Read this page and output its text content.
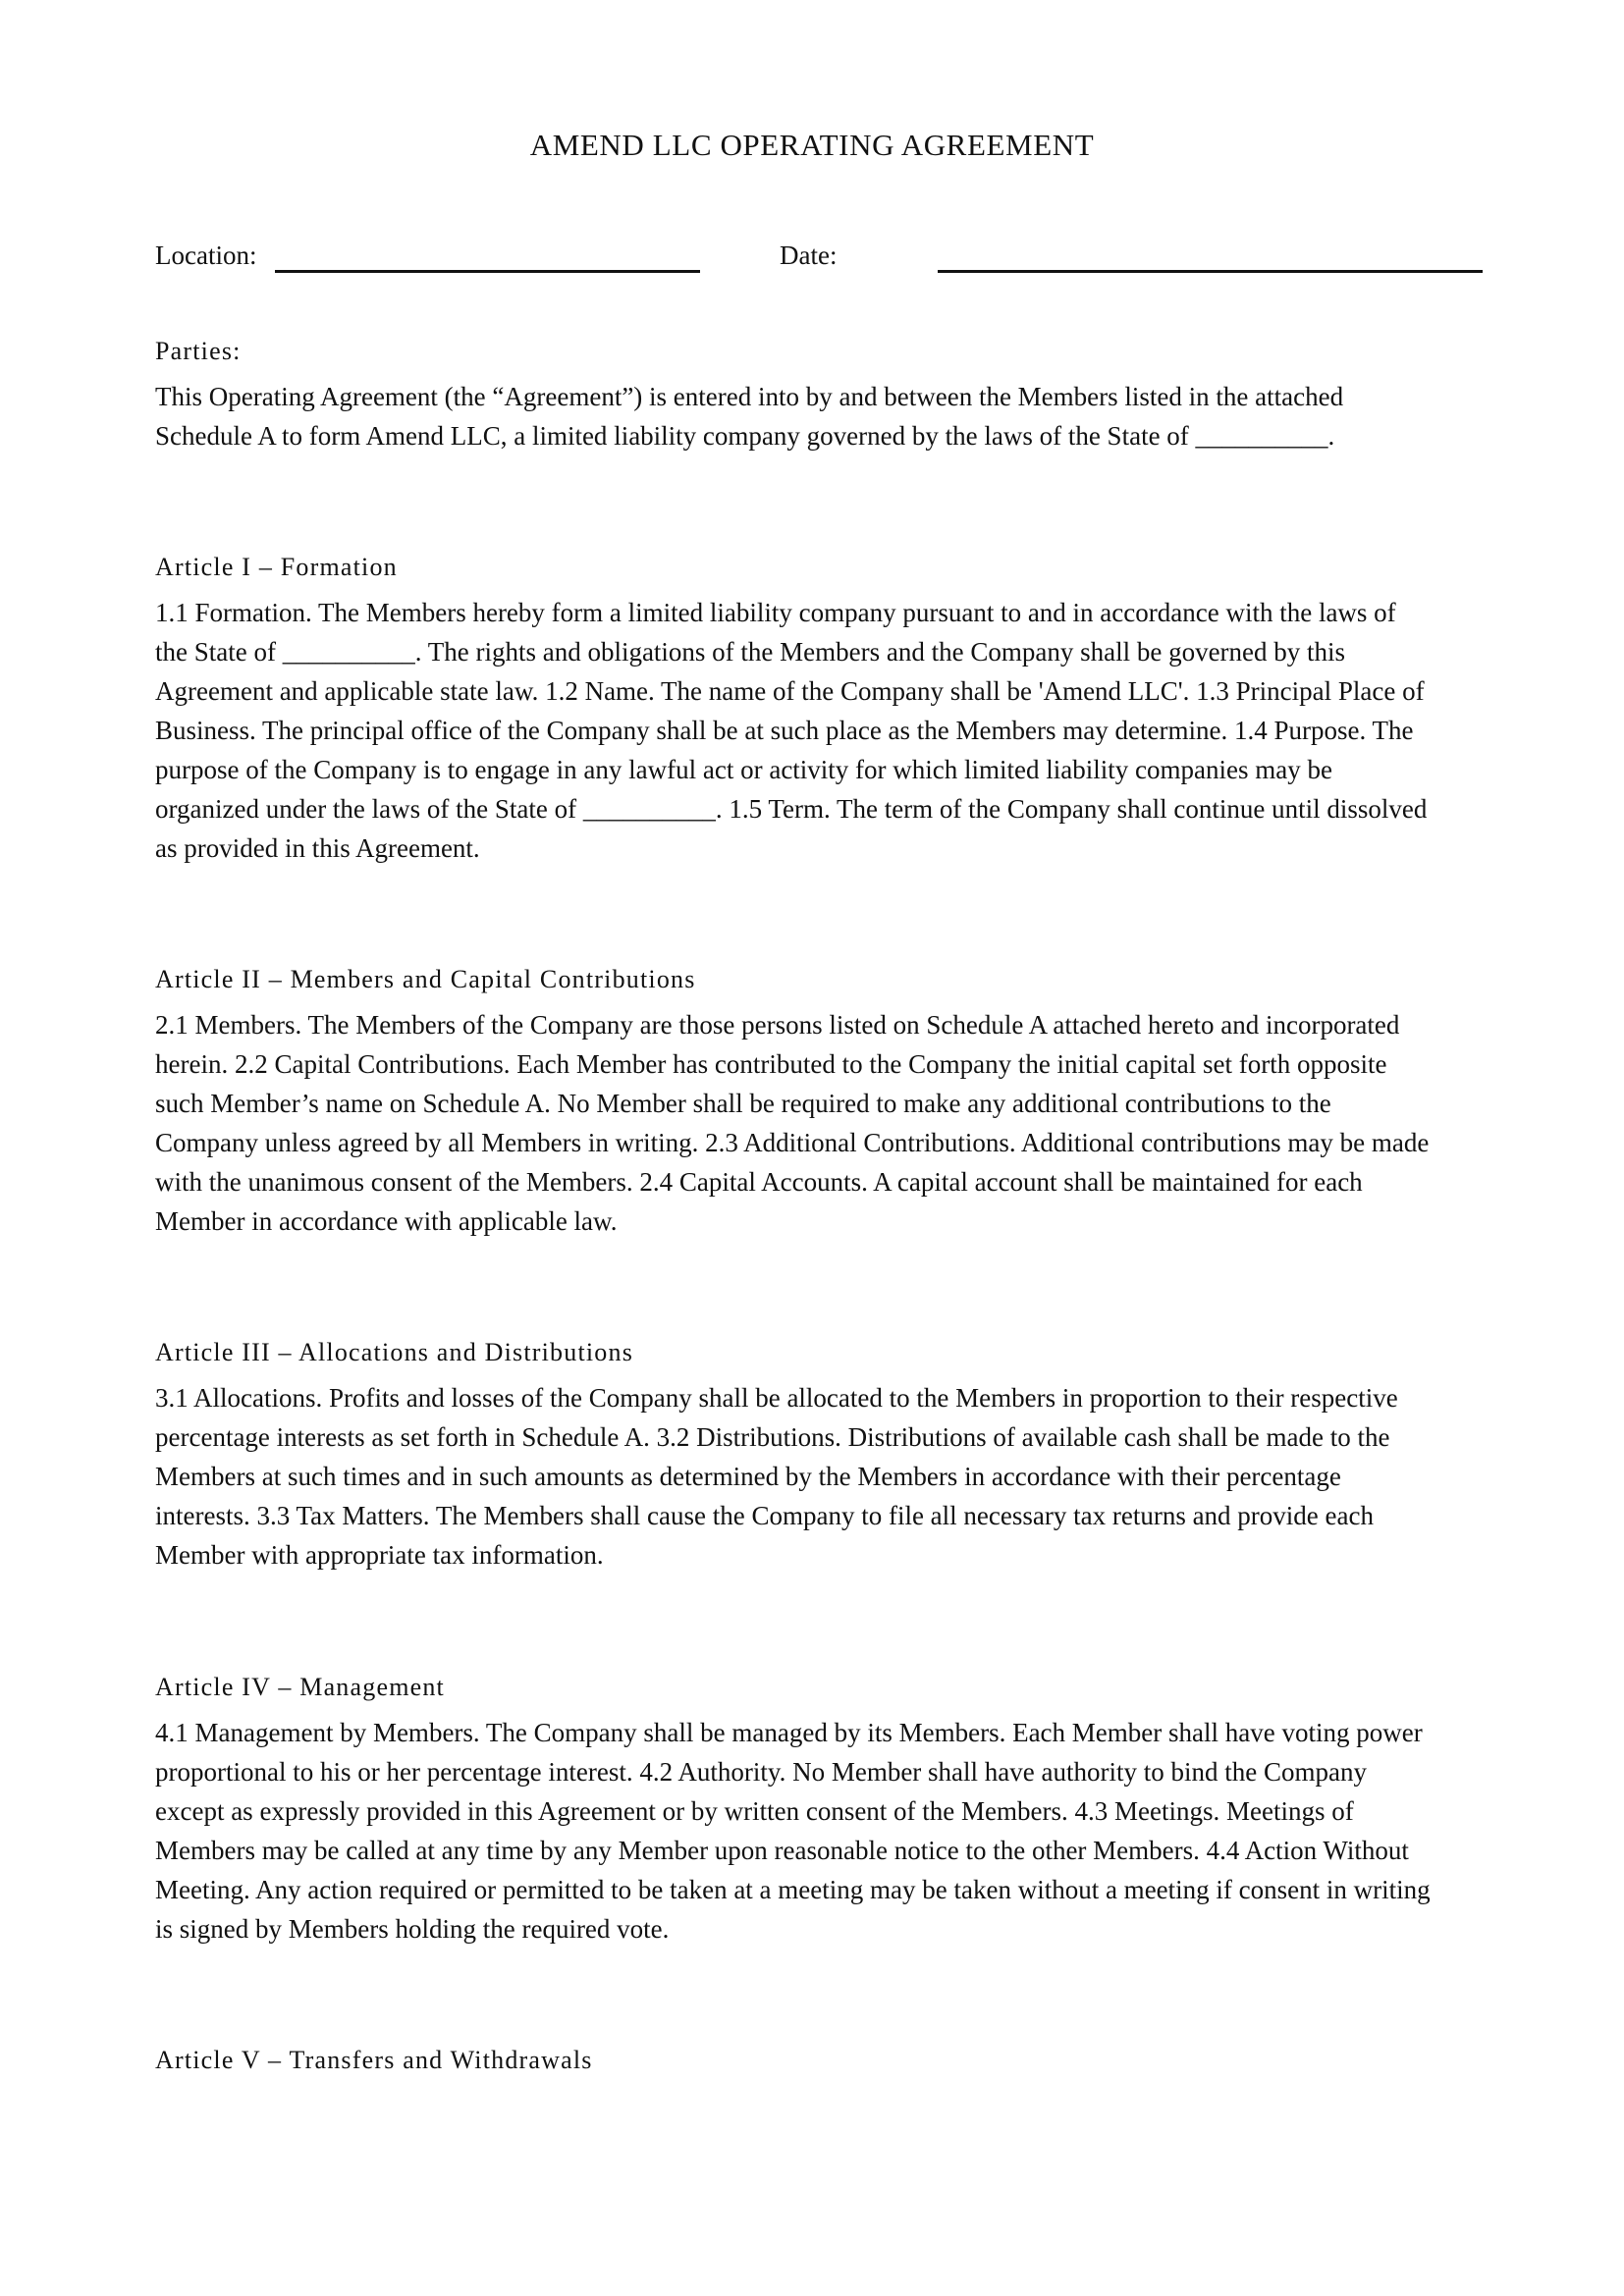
AMEND LLC OPERATING AGREEMENT
Location:	Date:
Parties:
This Operating Agreement (the “Agreement”) is entered into by and between the Members listed in the attached
Schedule A to form Amend LLC, a limited liability company governed by the laws of the State of __________.
Article I – Formation
1.1 Formation. The Members hereby form a limited liability company pursuant to and in accordance with the laws of
the State of __________. The rights and obligations of the Members and the Company shall be governed by this
Agreement and applicable state law. 1.2 Name. The name of the Company shall be 'Amend LLC'. 1.3 Principal Place of
Business. The principal office of the Company shall be at such place as the Members may determine. 1.4 Purpose. The
purpose of the Company is to engage in any lawful act or activity for which limited liability companies may be
organized under the laws of the State of __________. 1.5 Term. The term of the Company shall continue until dissolved
as provided in this Agreement.
Article II – Members and Capital Contributions
2.1 Members. The Members of the Company are those persons listed on Schedule A attached hereto and incorporated
herein. 2.2 Capital Contributions. Each Member has contributed to the Company the initial capital set forth opposite
such Member’s name on Schedule A. No Member shall be required to make any additional contributions to the
Company unless agreed by all Members in writing. 2.3 Additional Contributions. Additional contributions may be made
with the unanimous consent of the Members. 2.4 Capital Accounts. A capital account shall be maintained for each
Member in accordance with applicable law.
Article III – Allocations and Distributions
3.1 Allocations. Profits and losses of the Company shall be allocated to the Members in proportion to their respective
percentage interests as set forth in Schedule A. 3.2 Distributions. Distributions of available cash shall be made to the
Members at such times and in such amounts as determined by the Members in accordance with their percentage
interests. 3.3 Tax Matters. The Members shall cause the Company to file all necessary tax returns and provide each
Member with appropriate tax information.
Article IV – Management
4.1 Management by Members. The Company shall be managed by its Members. Each Member shall have voting power
proportional to his or her percentage interest. 4.2 Authority. No Member shall have authority to bind the Company
except as expressly provided in this Agreement or by written consent of the Members. 4.3 Meetings. Meetings of
Members may be called at any time by any Member upon reasonable notice to the other Members. 4.4 Action Without
Meeting. Any action required or permitted to be taken at a meeting may be taken without a meeting if consent in writing
is signed by Members holding the required vote.
Article V – Transfers and Withdrawals
